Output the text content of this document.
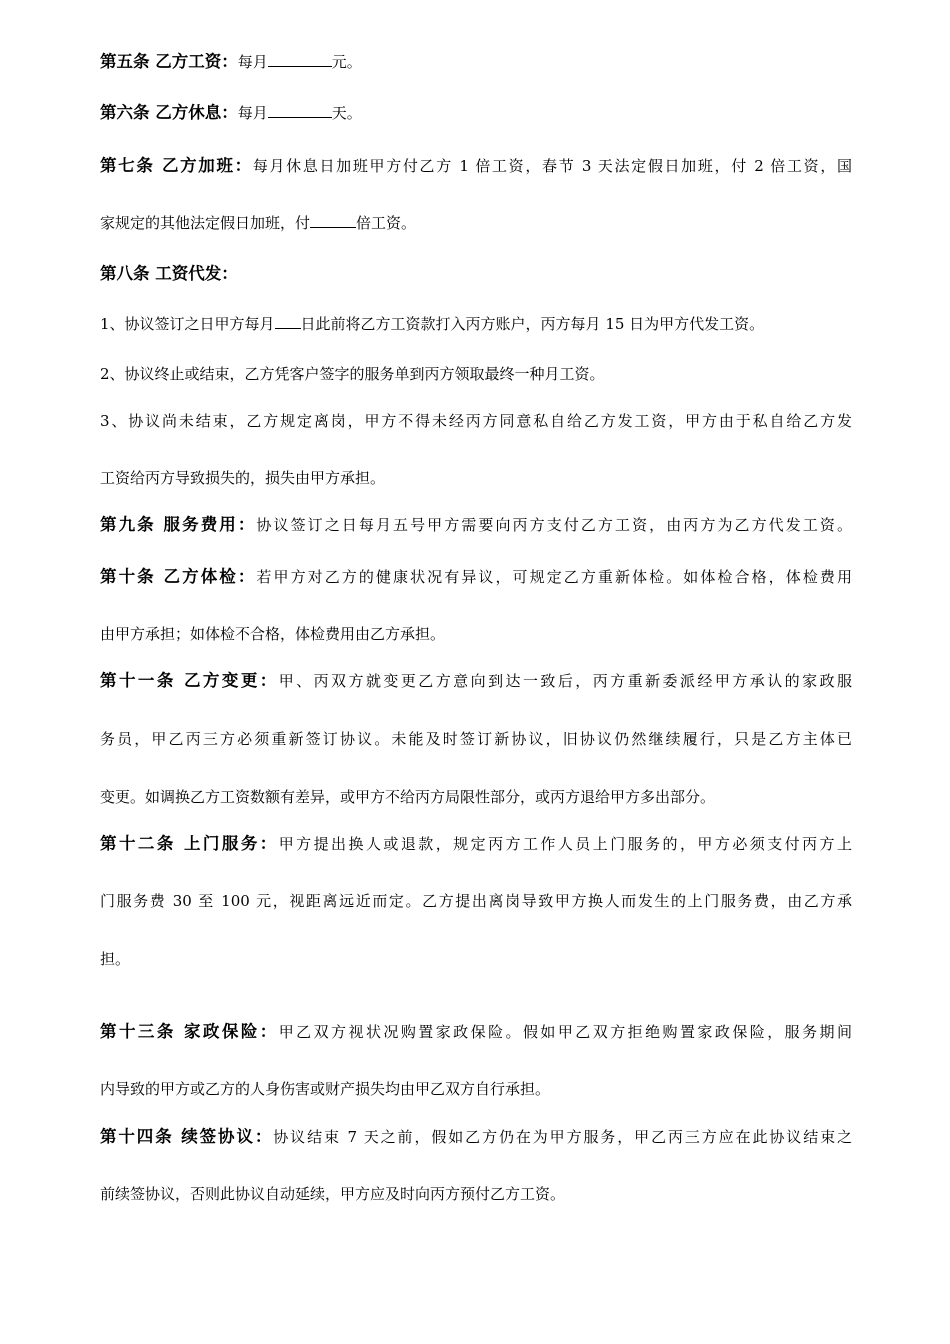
第五条 乙方工资：每月	元。
第六条 乙方休息：每月	天。
第七条 乙方加班：每月休息日加班甲方付乙方 1 倍工资，春节 3 天法定假日加班，付 2 倍工资，国
家规定的其他法定假日加班，付	倍工资。
第八条 工资代发：
1、协议签订之日甲方每月 日此前将乙方工资款打入丙方账户，丙方每月 15 日为甲方代发工资。
2、协议终止或结束，乙方凭客户签字的服务单到丙方领取最终一种月工资。
3、协议尚未结束，乙方规定离岗，甲方不得未经丙方同意私自给乙方发工资，甲方由于私自给乙方发
工资给丙方导致损失的，损失由甲方承担。
第九条 服务费用：协议签订之日每月五号甲方需要向丙方支付乙方工资，由丙方为乙方代发工资。
第十条 乙方体检：若甲方对乙方的健康状况有异议，可规定乙方重新体检。如体检合格，体检费用
由甲方承担；如体检不合格，体检费用由乙方承担。
第十一条 乙方变更：甲、丙双方就变更乙方意向到达一致后，丙方重新委派经甲方承认的家政服
务员，甲乙丙三方必须重新签订协议。未能及时签订新协议，旧协议仍然继续履行，只是乙方主体已
变更。如调换乙方工资数额有差异，或甲方不给丙方局限性部分，或丙方退给甲方多出部分。
第十二条 上门服务：甲方提出换人或退款，规定丙方工作人员上门服务的，甲方必须支付丙方上
门服务费 30 至 100 元，视距离远近而定。乙方提出离岗导致甲方换人而发生的上门服务费，由乙方承
担。
第十三条 家政保险：甲乙双方视状况购置家政保险。假如甲乙双方拒绝购置家政保险，服务期间
内导致的甲方或乙方的人身伤害或财产损失均由甲乙双方自行承担。
第十四条 续签协议：协议结束 7 天之前，假如乙方仍在为甲方服务，甲乙丙三方应在此协议结束之
前续签协议，否则此协议自动延续，甲方应及时向丙方预付乙方工资。
